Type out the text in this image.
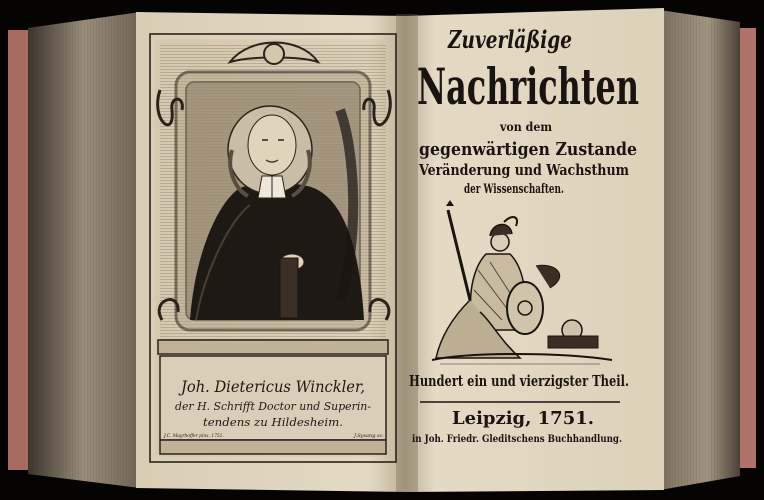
Joh. Dietericus Winckler,
der H. Schrifft Doctor und Superin-
tendens zu Hildesheim.
J.C. Mayrhoffer pinx. 1751.	J.Sysang sc.
Zuverläßige
Nachrichten
von dem
gegenwärtigen Zustande
Veränderung und Wachsthum
der Wissenschaften.
Hundert ein und vierzigster Theil.
Leipzig, 1751.
in Joh. Friedr. Gleditschens Buchhandlung.
